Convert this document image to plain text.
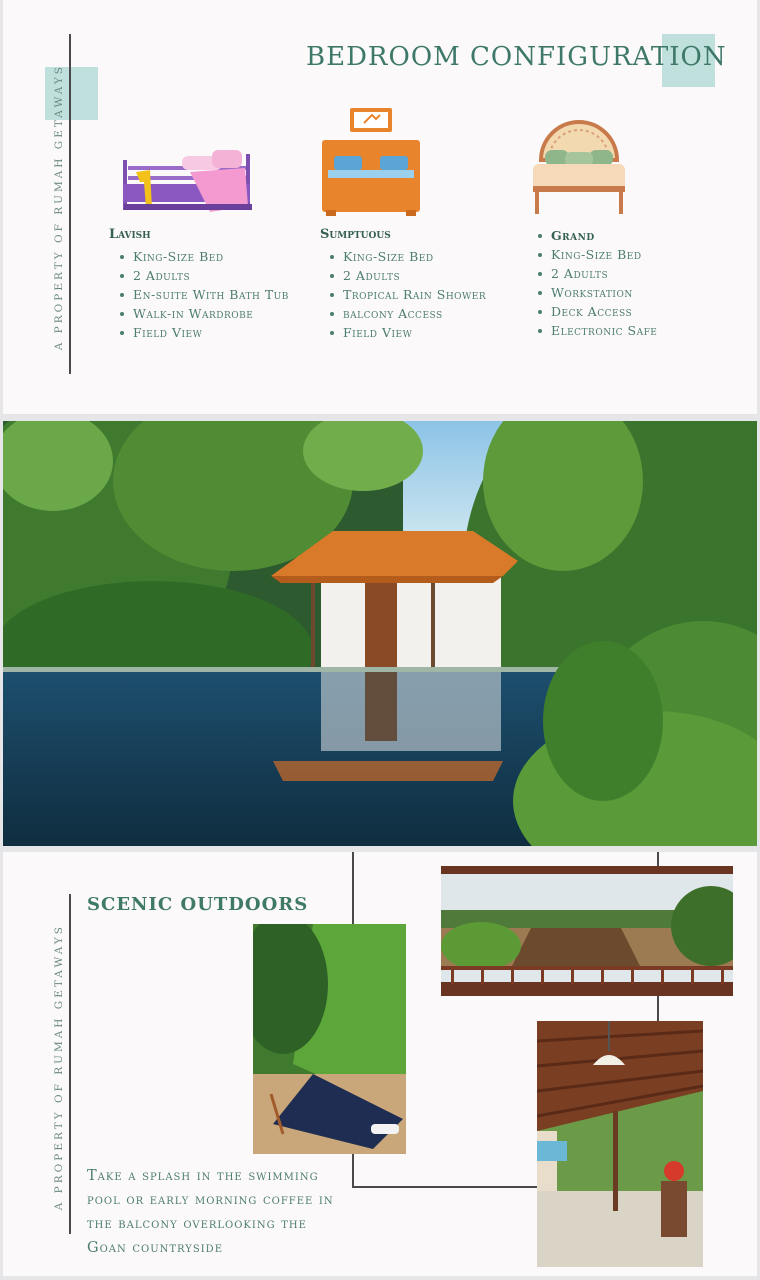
A PROPERTY OF RUMAH GETAWAYS
BEDROOM CONFIGURATION
Lavish
King-Size Bed
2 Adults
En-suite With Bath Tub
Walk-in Wardrobe
Field View
Sumptuous
King-Size Bed
2 Adults
Tropical Rain Shower
balcony Access
Field View
Grand
King-Size Bed
2 Adults
Workstation
Deck Access
Electronic Safe
A PROPERTY OF RUMAH GETAWAYS
SCENIC OUTDOORS
Take a splash in the swimming
pool or early morning coffee in
the balcony overlooking the
Goan countryside
